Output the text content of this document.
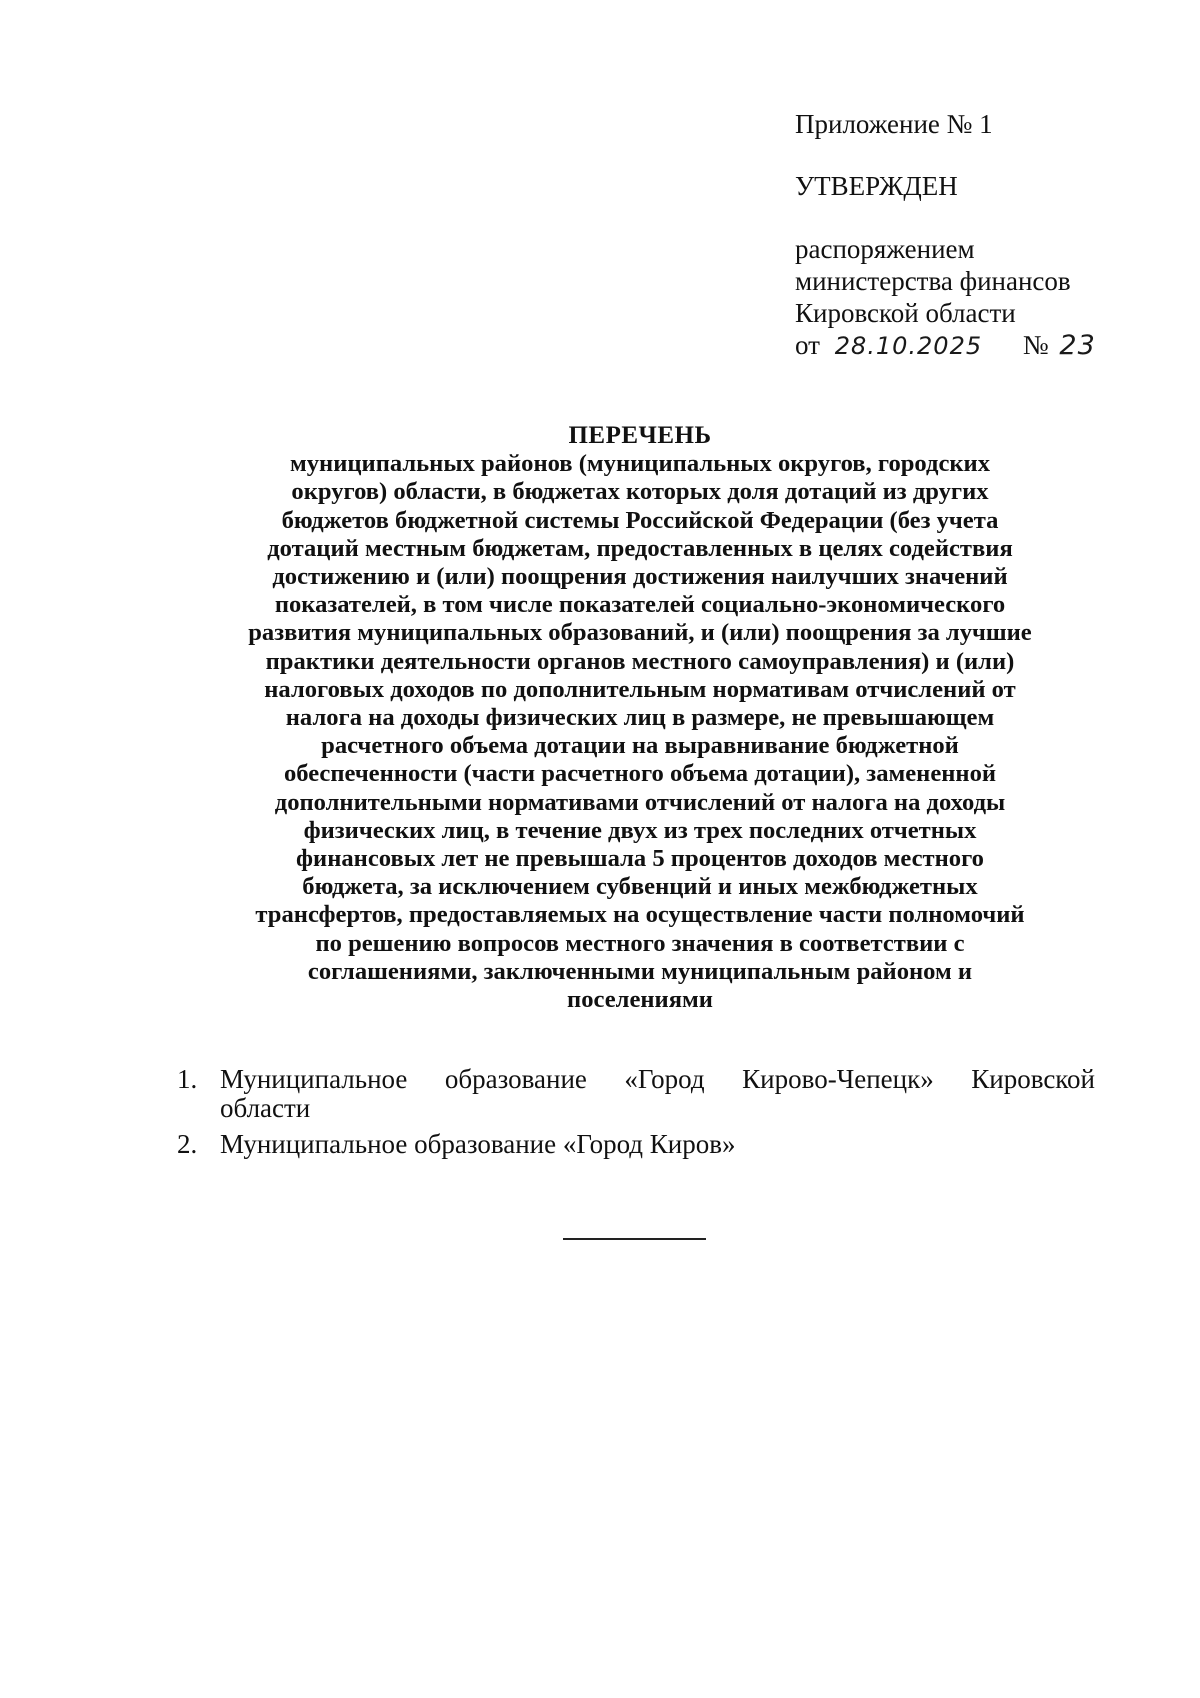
Приложение № 1
УТВЕРЖДЕН
распоряжением
министерства финансов
Кировской области
от 28.10.2025 № 23
ПЕРЕЧЕНЬ
муниципальных районов (муниципальных округов, городских
округов) области, в бюджетах которых доля дотаций из других
бюджетов бюджетной системы Российской Федерации (без учета
дотаций местным бюджетам, предоставленных в целях содействия
достижению и (или) поощрения достижения наилучших значений
показателей, в том числе показателей социально-экономического
развития муниципальных образований, и (или) поощрения за лучшие
практики деятельности органов местного самоуправления) и (или)
налоговых доходов по дополнительным нормативам отчислений от
налога на доходы физических лиц в размере, не превышающем
расчетного объема дотации на выравнивание бюджетной
обеспеченности (части расчетного объема дотации), замененной
дополнительными нормативами отчислений от налога на доходы
физических лиц, в течение двух из трех последних отчетных
финансовых лет не превышала 5 процентов доходов местного
бюджета, за исключением субвенций и иных межбюджетных
трансфертов, предоставляемых на осуществление части полномочий
по решению вопросов местного значения в соответствии с
соглашениями, заключенными муниципальным районом и
поселениями
1. Муниципальное образование «Город Кирово-Чепецк» Кировской
области
2. Муниципальное образование «Город Киров»
